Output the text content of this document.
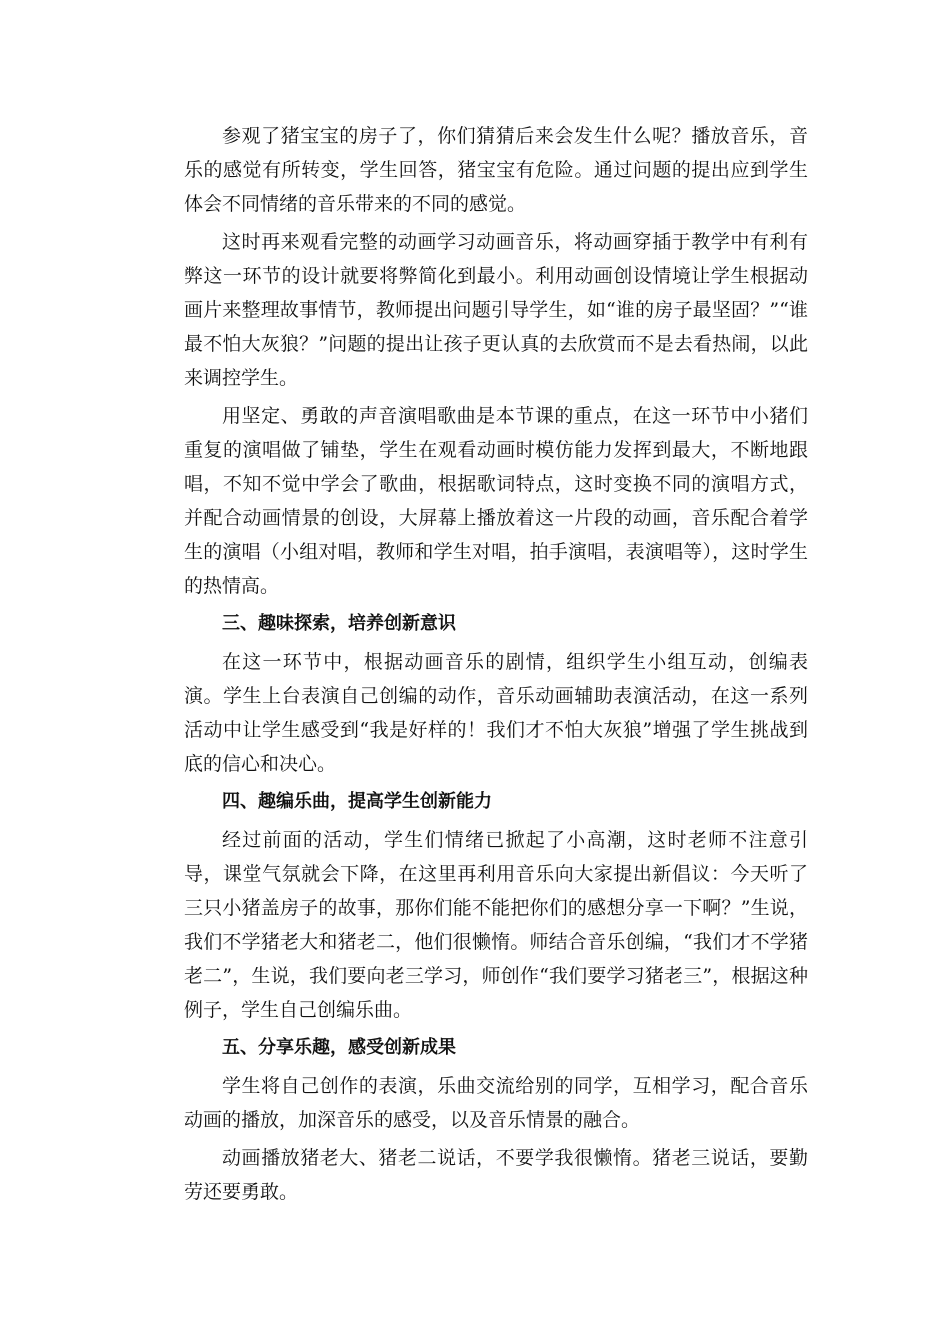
参观了猪宝宝的房子了，你们猜猜后来会发生什么呢？播放音乐，音乐的感觉有所转变，学生回答，猪宝宝有危险。通过问题的提出应到学生体会不同情绪的音乐带来的不同的感觉。

这时再来观看完整的动画学习动画音乐，将动画穿插于教学中有利有弊这一环节的设计就要将弊简化到最小。利用动画创设情境让学生根据动画片来整理故事情节，教师提出问题引导学生，如“谁的房子最坚固？”“谁最不怕大灰狼？”问题的提出让孩子更认真的去欣赏而不是去看热闹，以此来调控学生。

用坚定、勇敢的声音演唱歌曲是本节课的重点，在这一环节中小猪们重复的演唱做了铺垫，学生在观看动画时模仿能力发挥到最大，不断地跟唱，不知不觉中学会了歌曲，根据歌词特点，这时变换不同的演唱方式，并配合动画情景的创设，大屏幕上播放着这一片段的动画，音乐配合着学生的演唱（小组对唱，教师和学生对唱，拍手演唱，表演唱等），这时学生的热情高。

三、趣味探索，培养创新意识

在这一环节中，根据动画音乐的剧情，组织学生小组互动，创编表演。学生上台表演自己创编的动作，音乐动画辅助表演活动，在这一系列活动中让学生感受到“我是好样的！我们才不怕大灰狼”增强了学生挑战到底的信心和决心。

四、趣编乐曲，提高学生创新能力

经过前面的活动，学生们情绪已掀起了小高潮，这时老师不注意引导，课堂气氛就会下降，在这里再利用音乐向大家提出新倡议：今天听了三只小猪盖房子的故事，那你们能不能把你们的感想分享一下啊？”生说，我们不学猪老大和猪老二，他们很懒惰。师结合音乐创编，“我们才不学猪老二”，生说，我们要向老三学习，师创作“我们要学习猪老三”，根据这种例子，学生自己创编乐曲。

五、分享乐趣，感受创新成果

学生将自己创作的表演，乐曲交流给别的同学，互相学习，配合音乐动画的播放，加深音乐的感受，以及音乐情景的融合。

动画播放猪老大、猪老二说话，不要学我很懒惰。猪老三说话，要勤劳还要勇敢。
